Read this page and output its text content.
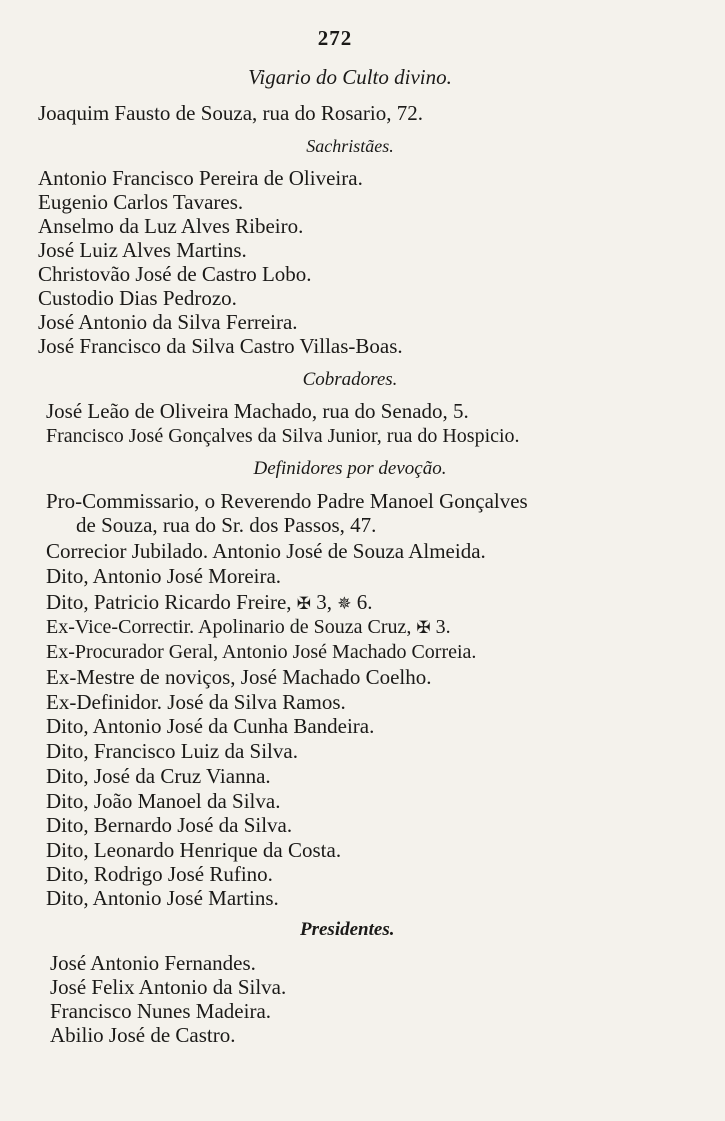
272
Vigario do Culto divino.
Joaquim Fausto de Souza, rua do Rosario, 72.
Sachristães.
Antonio Francisco Pereira de Oliveira.
Eugenio Carlos Tavares.
Anselmo da Luz Alves Ribeiro.
José Luiz Alves Martins.
Christovão José de Castro Lobo.
Custodio Dias Pedrozo.
José Antonio da Silva Ferreira.
José Francisco da Silva Castro Villas-Boas.
Cobradores.
José Leão de Oliveira Machado, rua do Senado, 5.
Francisco José Gonçalves da Silva Junior, rua do Hospicio.
Definidores por devoção.
Pro-Commissario, o Reverendo Padre Manoel Gonçalves
de Souza, rua do Sr. dos Passos, 47.
Correcior Jubilado. Antonio José de Souza Almeida.
Dito, Antonio José Moreira.
Dito, Patricio Ricardo Freire, ✠ 3, ✵ 6.
Ex-Vice-Correctir. Apolinario de Souza Cruz, ✠ 3.
Ex-Procurador Geral, Antonio José Machado Correia.
Ex-Mestre de noviços, José Machado Coelho.
Ex-Definidor. José da Silva Ramos.
Dito, Antonio José da Cunha Bandeira.
Dito, Francisco Luiz da Silva.
Dito, José da Cruz Vianna.
Dito, João Manoel da Silva.
Dito, Bernardo José da Silva.
Dito, Leonardo Henrique da Costa.
Dito, Rodrigo José Rufino.
Dito, Antonio José Martins.
Presidentes.
José Antonio Fernandes.
José Felix Antonio da Silva.
Francisco Nunes Madeira.
Abilio José de Castro.
